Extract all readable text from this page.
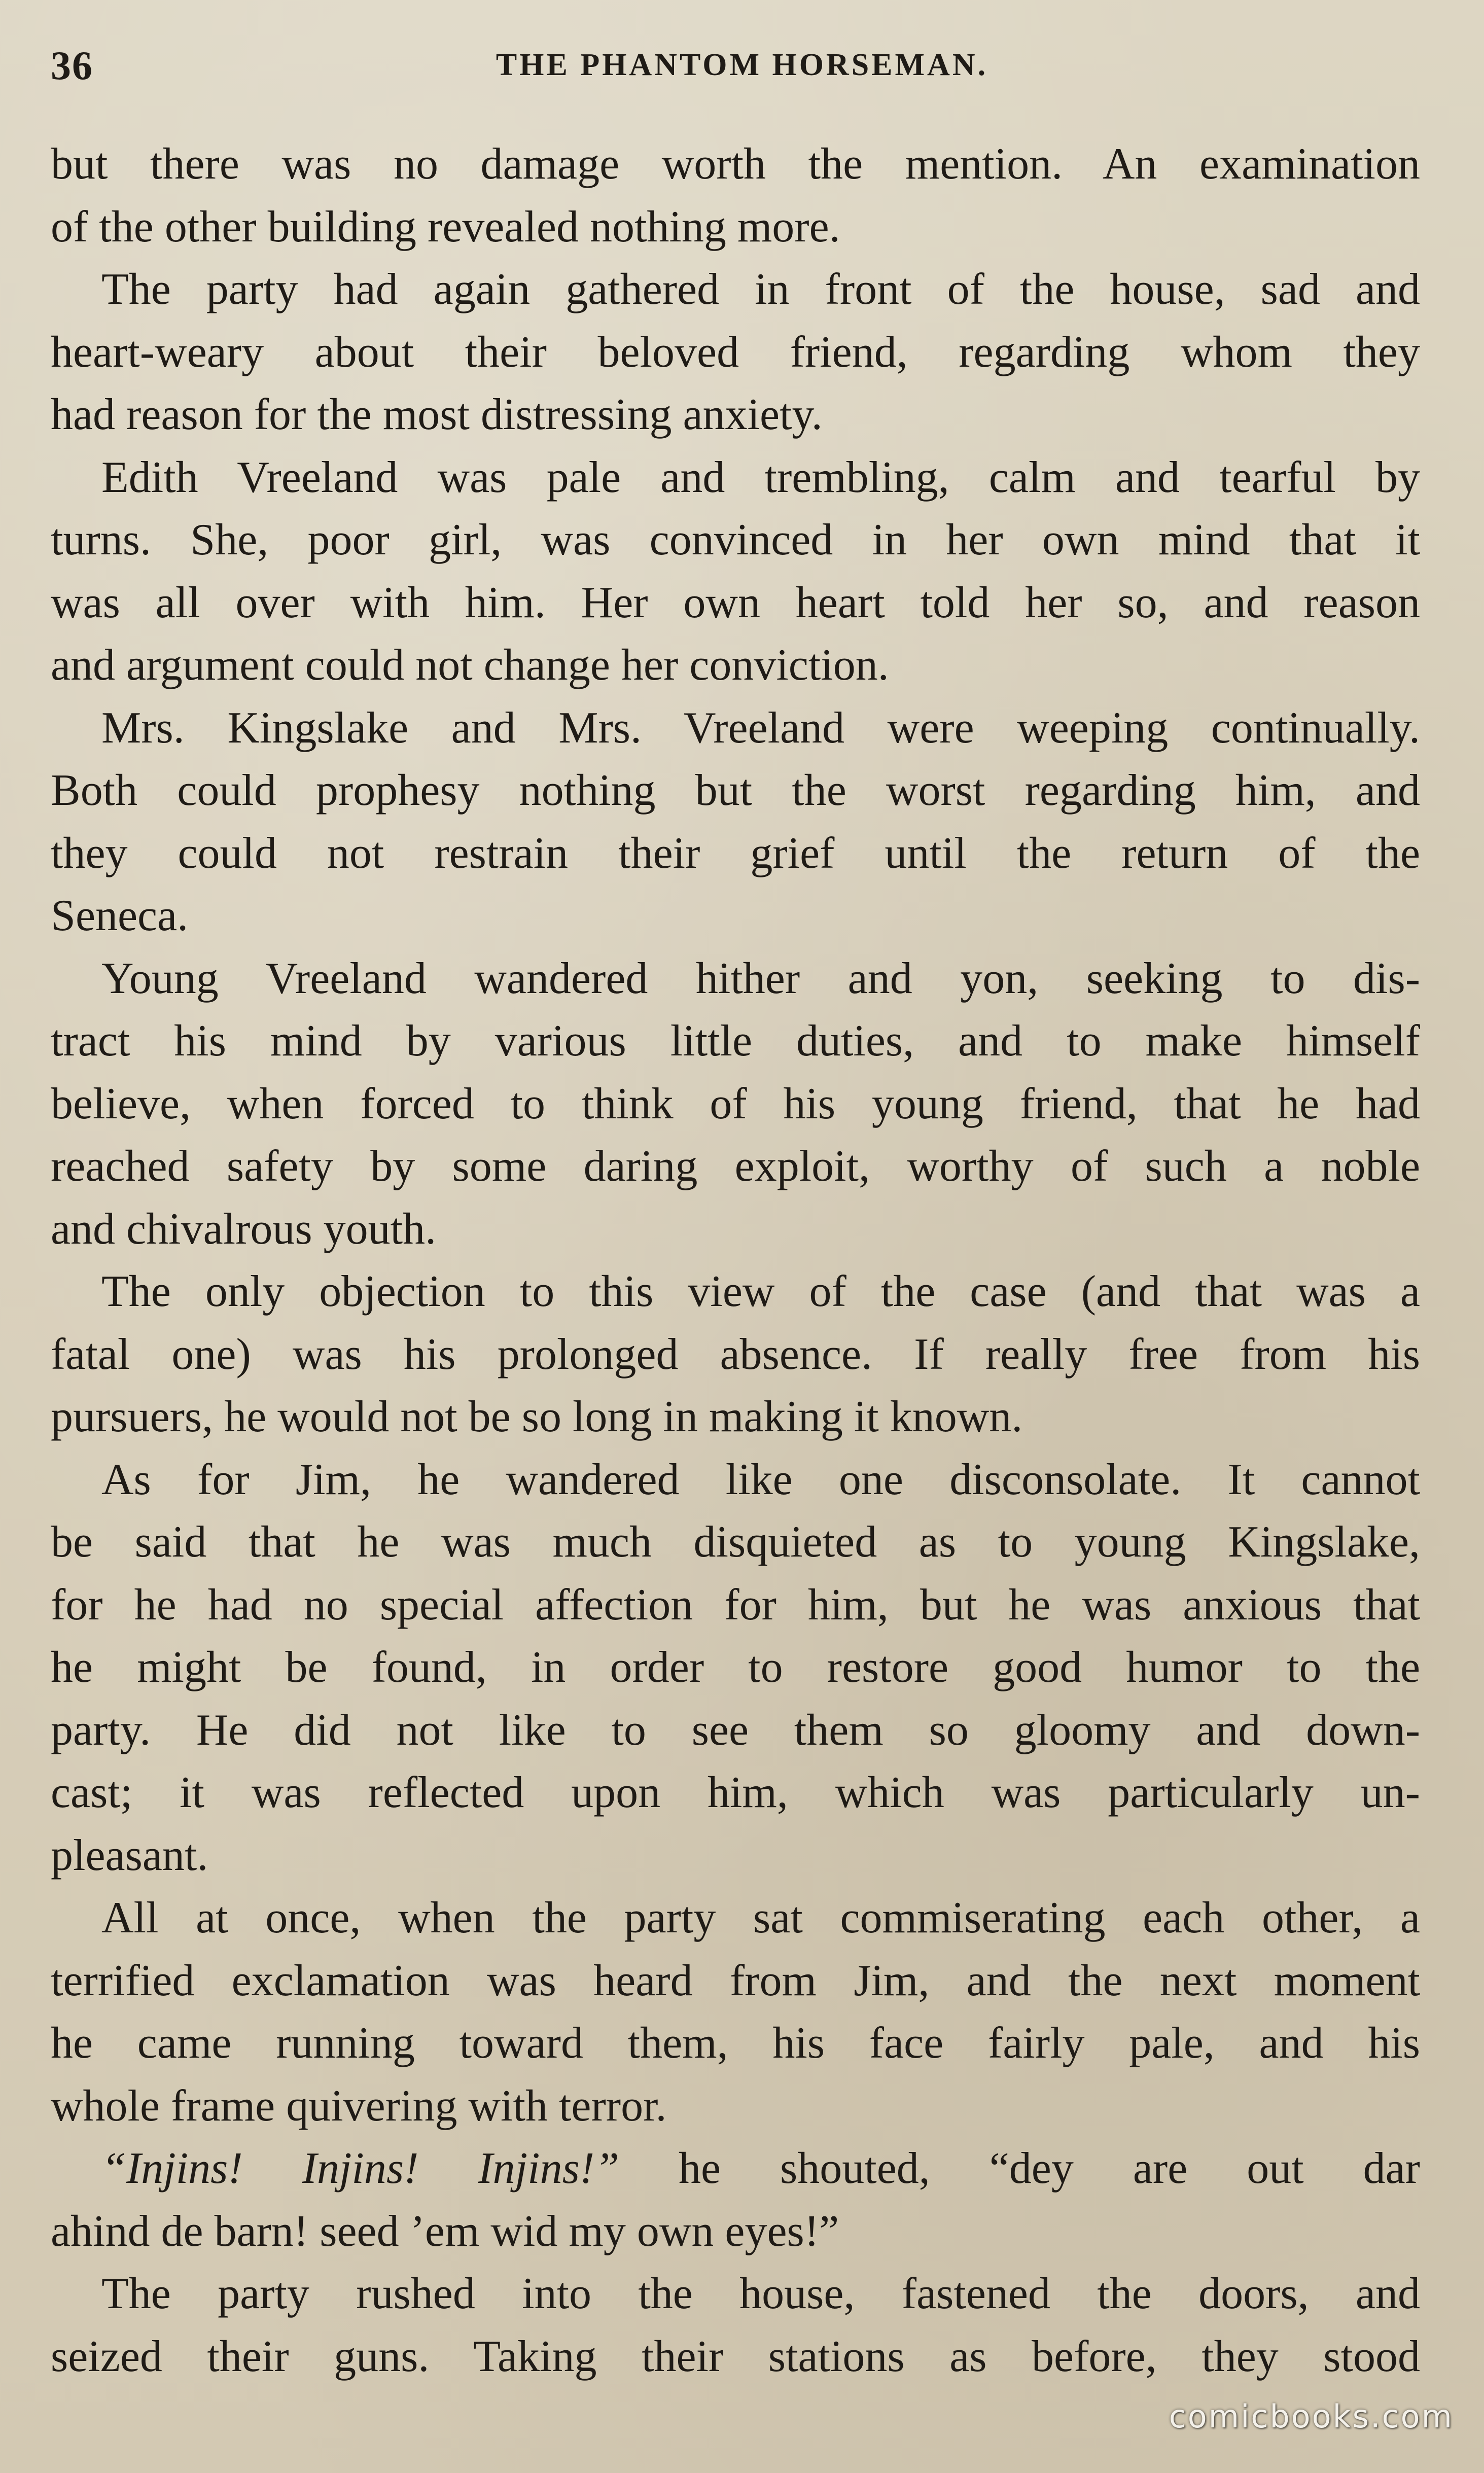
36	THE PHANTOM HORSEMAN.
but there was no damage worth the mention. An examination
of the other building revealed nothing more.
The party had again gathered in front of the house, sad and
heart-weary about their beloved friend, regarding whom they
had reason for the most distressing anxiety.
Edith Vreeland was pale and trembling, calm and tearful by
turns. She, poor girl, was convinced in her own mind that it
was all over with him. Her own heart told her so, and reason
and argument could not change her conviction.
Mrs. Kingslake and Mrs. Vreeland were weeping continually.
Both could prophesy nothing but the worst regarding him, and
they could not restrain their grief until the return of the
Seneca.
Young Vreeland wandered hither and yon, seeking to dis-
tract his mind by various little duties, and to make himself
believe, when forced to think of his young friend, that he had
reached safety by some daring exploit, worthy of such a noble
and chivalrous youth.
The only objection to this view of the case (and that was a
fatal one) was his prolonged absence. If really free from his
pursuers, he would not be so long in making it known.
As for Jim, he wandered like one disconsolate. It cannot
be said that he was much disquieted as to young Kingslake,
for he had no special affection for him, but he was anxious that
he might be found, in order to restore good humor to the
party. He did not like to see them so gloomy and down-
cast; it was reflected upon him, which was particularly un-
pleasant.
All at once, when the party sat commiserating each other, a
terrified exclamation was heard from Jim, and the next moment
he came running toward them, his face fairly pale, and his
whole frame quivering with terror.
“Injins! Injins! Injins!” he shouted, “dey are out dar
ahind de barn! seed ’em wid my own eyes!”
The party rushed into the house, fastened the doors, and
seized their guns. Taking their stations as before, they stood
comicbooks.com
